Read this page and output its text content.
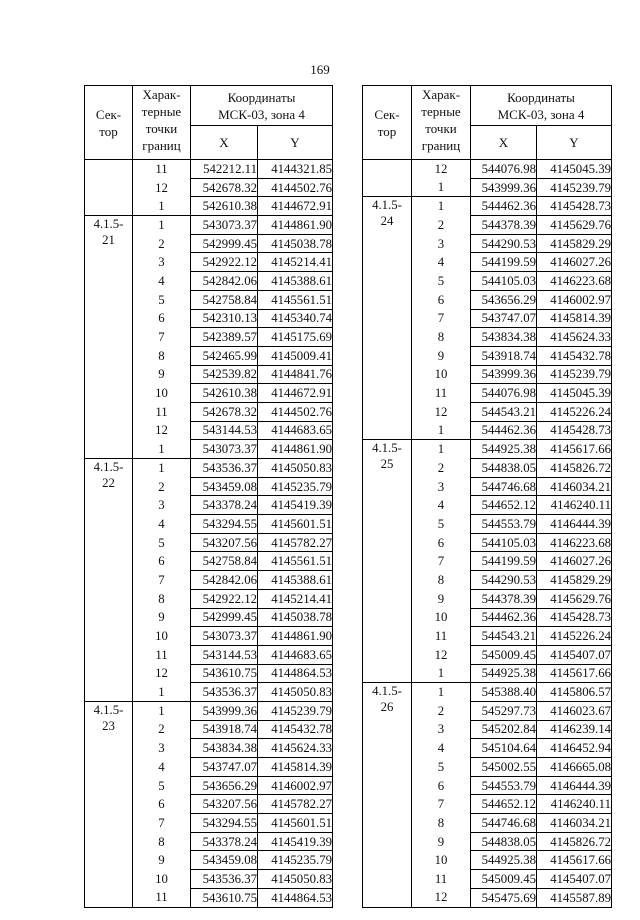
169
Сек-
тор	Харак-
терные
точки
границ	Координаты
МСК-03, зона 4	
		X	Y
	11	542212.11	4144321.85
	12	542678.32	4144502.76
	1	542610.38	4144672.91
4.1.5-
21	1	543073.37	4144861.90
	2	542999.45	4145038.78
	3	542922.12	4145214.41
	4	542842.06	4145388.61
	5	542758.84	4145561.51
	6	542310.13	4145340.74
	7	542389.57	4145175.69
	8	542465.99	4145009.41
	9	542539.82	4144841.76
	10	542610.38	4144672.91
	11	542678.32	4144502.76
	12	543144.53	4144683.65
	1	543073.37	4144861.90
4.1.5-
22	1	543536.37	4145050.83
	2	543459.08	4145235.79
	3	543378.24	4145419.39
	4	543294.55	4145601.51
	5	543207.56	4145782.27
	6	542758.84	4145561.51
	7	542842.06	4145388.61
	8	542922.12	4145214.41
	9	542999.45	4145038.78
	10	543073.37	4144861.90
	11	543144.53	4144683.65
	12	543610.75	4144864.53
	1	543536.37	4145050.83
4.1.5-
23	1	543999.36	4145239.79
	2	543918.74	4145432.78
	3	543834.38	4145624.33
	4	543747.07	4145814.39
	5	543656.29	4146002.97
	6	543207.56	4145782.27
	7	543294.55	4145601.51
	8	543378.24	4145419.39
	9	543459.08	4145235.79
	10	543536.37	4145050.83
	11	543610.75	4144864.53
Сек-
тор	Харак-
терные
точки
границ	Координаты
МСК-03, зона 4	
		X	Y
	12	544076.98	4145045.39
	1	543999.36	4145239.79
4.1.5-
24	1	544462.36	4145428.73
	2	544378.39	4145629.76
	3	544290.53	4145829.29
	4	544199.59	4146027.26
	5	544105.03	4146223.68
	6	543656.29	4146002.97
	7	543747.07	4145814.39
	8	543834.38	4145624.33
	9	543918.74	4145432.78
	10	543999.36	4145239.79
	11	544076.98	4145045.39
	12	544543.21	4145226.24
	1	544462.36	4145428.73
4.1.5-
25	1	544925.38	4145617.66
	2	544838.05	4145826.72
	3	544746.68	4146034.21
	4	544652.12	4146240.11
	5	544553.79	4146444.39
	6	544105.03	4146223.68
	7	544199.59	4146027.26
	8	544290.53	4145829.29
	9	544378.39	4145629.76
	10	544462.36	4145428.73
	11	544543.21	4145226.24
	12	545009.45	4145407.07
	1	544925.38	4145617.66
4.1.5-
26	1	545388.40	4145806.57
	2	545297.73	4146023.67
	3	545202.84	4146239.14
	4	545104.64	4146452.94
	5	545002.55	4146665.08
	6	544553.79	4146444.39
	7	544652.12	4146240.11
	8	544746.68	4146034.21
	9	544838.05	4145826.72
	10	544925.38	4145617.66
	11	545009.45	4145407.07
	12	545475.69	4145587.89
